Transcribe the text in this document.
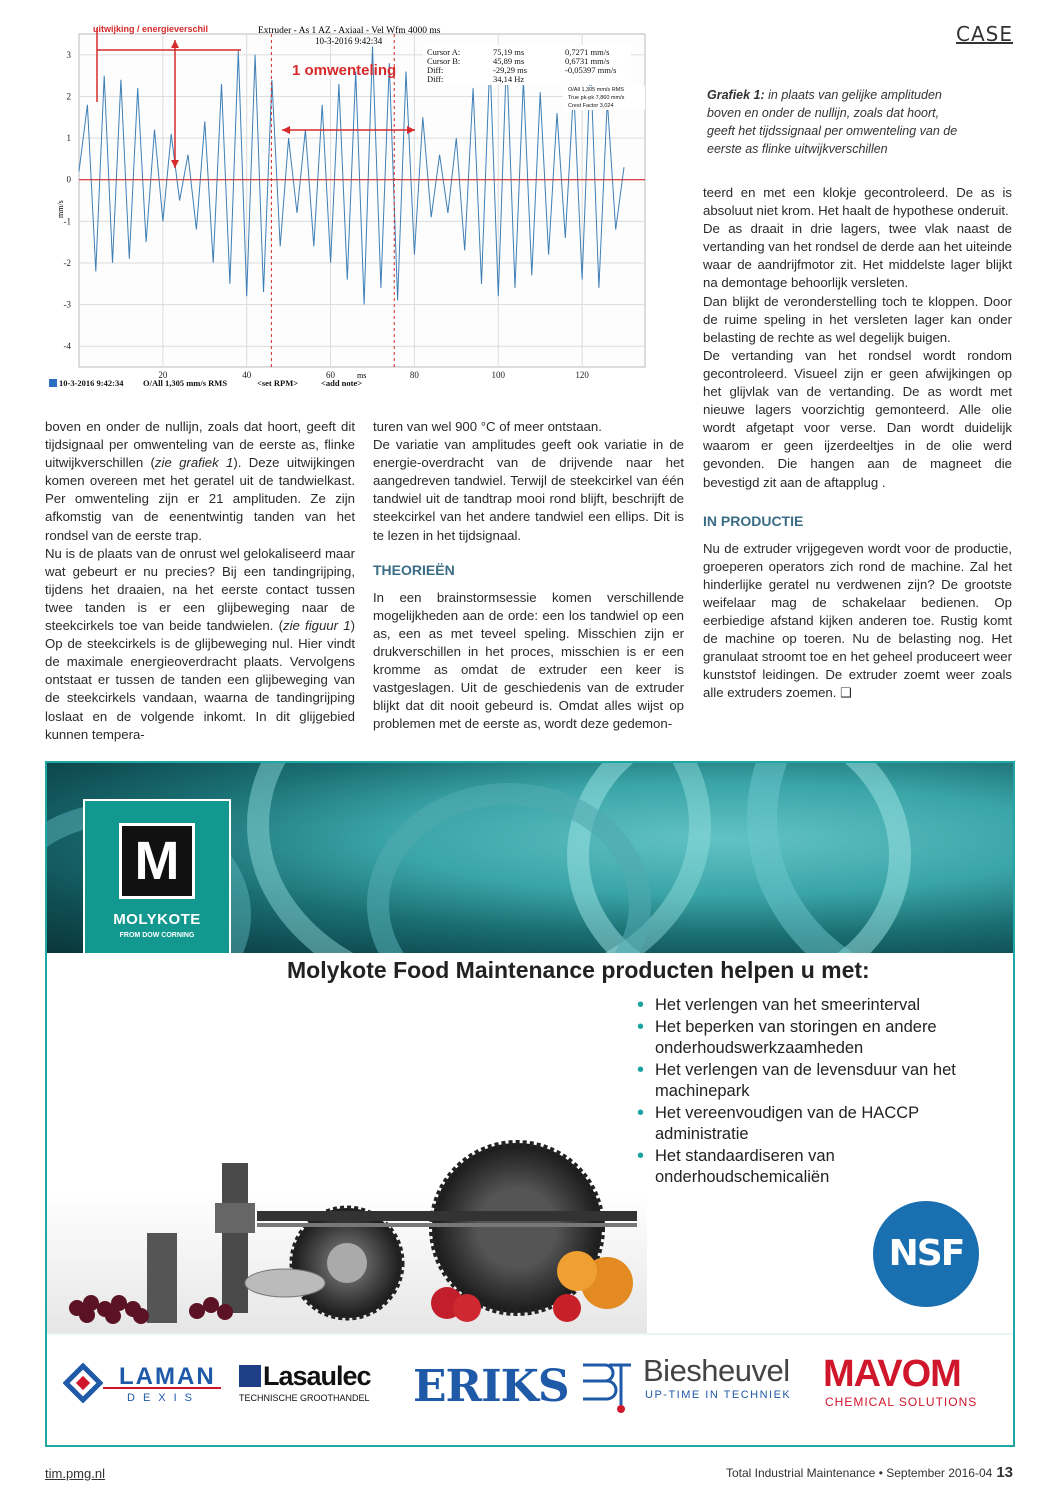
CASE
3
2
1
0
-1
-2
-3
-4
20	40	60	80	100	120
uitwijking / energieverschil
1 omwenteling
Extruder - As 1 AZ - Axiaal - Vel Wfm 4000 ms
10-3-2016 9:42:34
Cursor A:	75,19 ms	0,7271 mm/s
Cursor B:	45,89 ms	0,6731 mm/s
Diff:	-29,29 ms	-0,05397 mm/s
Diff:	34,14 Hz
O/All 1,305 mm/s RMS
True pk-pk 7,860 mm/s
Crest Factor 3,024
mm/s
ms
10-3-2016 9:42:34 O/All 1,305 mm/s RMS	<set RPM>	<add note>
Grafiek 1: in plaats van gelijke amplituden boven en onder de nullijn, zoals dat hoort, geeft het tijdssignaal per omwenteling van de eerste as flinke uitwijkverschillen

boven en onder de nullijn, zoals dat hoort, geeft dit tijdsignaal per omwenteling van de eerste as, flinke uitwijkverschillen (zie grafiek 1). Deze uitwijkingen komen overeen met het geratel uit de tandwielkast. Per omwenteling zijn er 21 amplituden. Ze zijn afkomstig van de eenentwintig tanden van het rondsel van de eerste trap.

Nu is de plaats van de onrust wel gelokaliseerd maar wat gebeurt er nu precies? Bij een tandingrijping, tijdens het draaien, na het eerste contact tussen twee tanden is er een glijbeweging naar de steekcirkels toe van beide tandwielen. (zie figuur 1) Op de steekcirkels is de glijbeweging nul. Hier vindt de maximale energieoverdracht plaats. Vervolgens ontstaat er tussen de tanden een glijbeweging van de steekcirkels vandaan, waarna de tandingrijping loslaat en de volgende inkomt. In dit glijgebied kunnen tempera-

turen van wel 900 °C of meer ontstaan.

De variatie van amplitudes geeft ook variatie in de energie-overdracht van de drijvende naar het aangedreven tandwiel. Terwijl de steekcirkel van één tandwiel uit de tandtrap mooi rond blijft, beschrijft de steekcirkel van het andere tandwiel een ellips. Dit is te lezen in het tijdsignaal.

THEORIEËN

In een brainstormsessie komen verschillende mogelijkheden aan de orde: een los tandwiel op een as, een as met teveel speling. Misschien zijn er drukverschillen in het proces, misschien is er een kromme as omdat de extruder een keer is vastgeslagen. Uit de geschiedenis van de extruder blijkt dat dit nooit gebeurd is. Omdat alles wijst op problemen met de eerste as, wordt deze gedemon-

teerd en met een klokje gecontroleerd. De as is absoluut niet krom. Het haalt de hypothese onderuit.

De as draait in drie lagers, twee vlak naast de vertanding van het rondsel de derde aan het uiteinde waar de aandrijfmotor zit. Het middelste lager blijkt na demontage behoorlijk versleten.

Dan blijkt de veronderstelling toch te kloppen. Door de ruime speling in het versleten lager kan onder belasting de rechte as wel degelijk buigen.

De vertanding van het rondsel wordt rondom gecontroleerd. Visueel zijn er geen afwijkingen op het glijvlak van de vertanding. De as wordt met nieuwe lagers voorzichtig gemonteerd. Alle olie wordt afgetapt voor verse. Dan wordt duidelijk waarom er geen ijzerdeeltjes in de olie werd gevonden. Die hangen aan de magneet die bevestigd zit aan de aftapplug .

IN PRODUCTIE

Nu de extruder vrijgegeven wordt voor de productie, groeperen operators zich rond de machine. Zal het hinderlijke geratel nu verdwenen zijn? De grootste weifelaar mag de schakelaar bedienen. Op eerbiedige afstand kijken anderen toe. Rustig komt de machine op toeren. Nu de belasting nog. Het granulaat stroomt toe en het geheel produceert weer kunststof leidingen. De extruder zoemt weer zoals alle extruders zoemen. ❑

M
MOLYKOTE
FROM DOW CORNING
Molykote Food Maintenance producten helpen u met:
• Het verlengen van het smeerinterval
• Het beperken van storingen en andere onderhoudswerkzaamheden
• Het verlengen van de levensduur van het machinepark
• Het vereenvoudigen van de HACCP administratie
• Het standaardiseren van onderhoudschemicaliën
NSF
LAMAN
DEXIS
Lasaulec
TECHNISCHE GROOTHANDEL ERIKS Biesheuvel
UP-TIME IN TECHNIEK MAVOM
CHEMICAL SOLUTIONS
tim.pmg.nl	Total Industrial Maintenance • September 2016-04 13
